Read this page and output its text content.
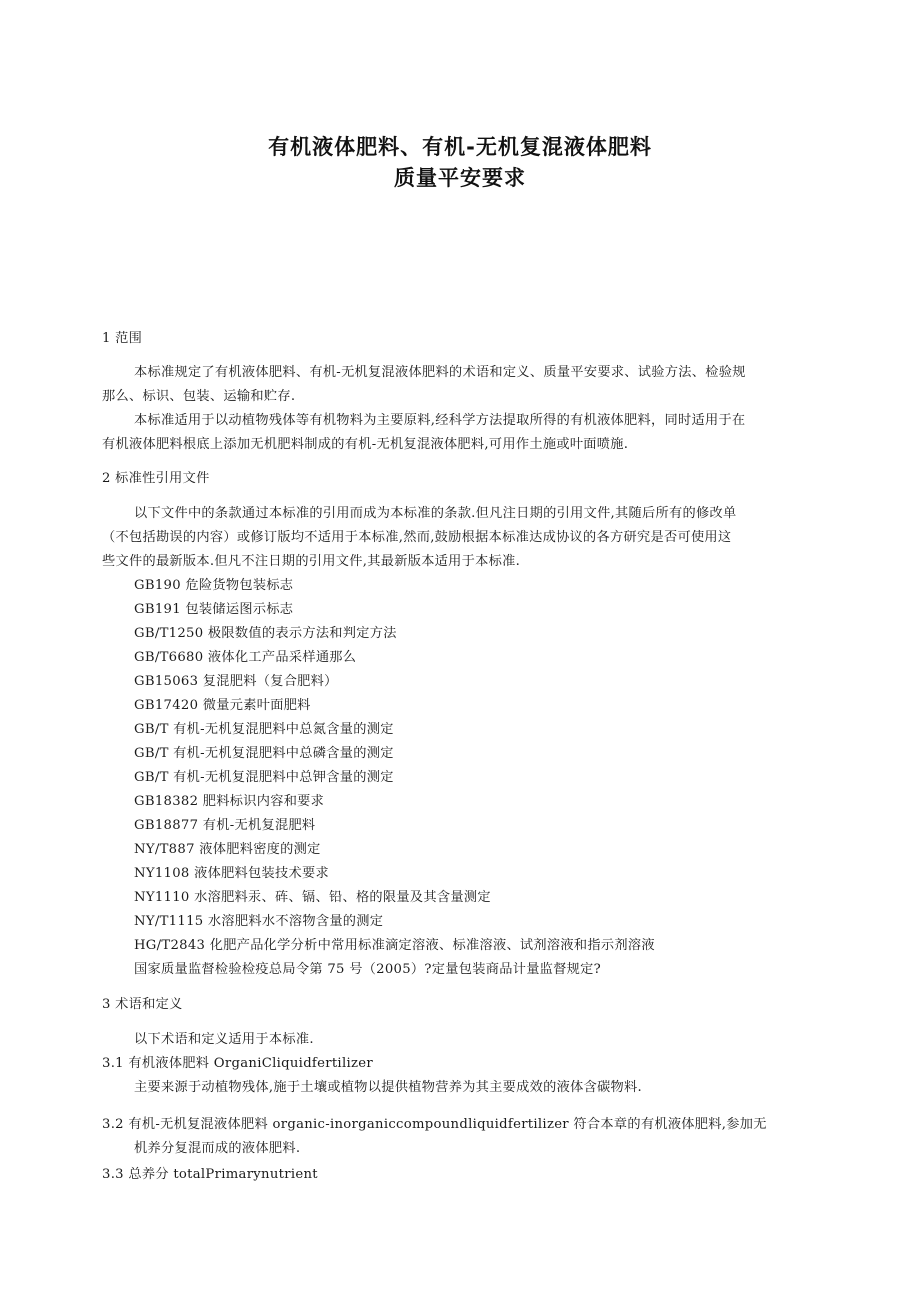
有机液体肥料、有机-无机复混液体肥料
质量平安要求
1 范围
本标准规定了有机液体肥料、有机-无机复混液体肥料的术语和定义、质量平安要求、试验方法、检验规
那么、标识、包装、运输和贮存.
本标准适用于以动植物残体等有机物料为主要原料,经科学方法提取所得的有机液体肥料，同时适用于在
有机液体肥料根底上添加无机肥料制成的有机-无机复混液体肥料,可用作土施或叶面喷施.
2 标准性引用文件
以下文件中的条款通过本标准的引用而成为本标准的条款.但凡注日期的引用文件,其随后所有的修改单
（不包括勘误的内容）或修订版均不适用于本标准,然而,鼓励根据本标准达成协议的各方研究是否可使用这
些文件的最新版本.但凡不注日期的引用文件,其最新版本适用于本标准.
GB190 危险货物包装标志
GB191 包装储运图示标志
GB/T1250 极限数值的表示方法和判定方法
GB/T6680 液体化工产品采样通那么
GB15063 复混肥料（复合肥料）
GB17420 微量元素叶面肥料
GB/T 有机-无机复混肥料中总氮含量的测定
GB/T 有机-无机复混肥料中总磷含量的测定
GB/T 有机-无机复混肥料中总钾含量的测定
GB18382 肥料标识内容和要求
GB18877 有机-无机复混肥料
NY/T887 液体肥料密度的测定
NY1108 液体肥料包装技术要求
NY1110 水溶肥料汞、砗、镉、铅、格的限量及其含量测定
NY/T1115 水溶肥料水不溶物含量的测定
HG/T2843 化肥产品化学分析中常用标准滴定溶液、标准溶液、试剂溶液和指示剂溶液
国家质量监督检验检疫总局令第 75 号（2005）?定量包装商品计量监督规定?
3 术语和定义
以下术语和定义适用于本标准.
3.1 有机液体肥料 OrganiCliquidfertilizer
主要来源于动植物残体,施于土壤或植物以提供植物营养为其主要成效的液体含碳物料.
3.2 有机-无机复混液体肥料 organic-inorganiccompoundliquidfertilizer 符合本章的有机液体肥料,参加无
机养分复混而成的液体肥料.
3.3 总养分 totalPrimarynutrient
